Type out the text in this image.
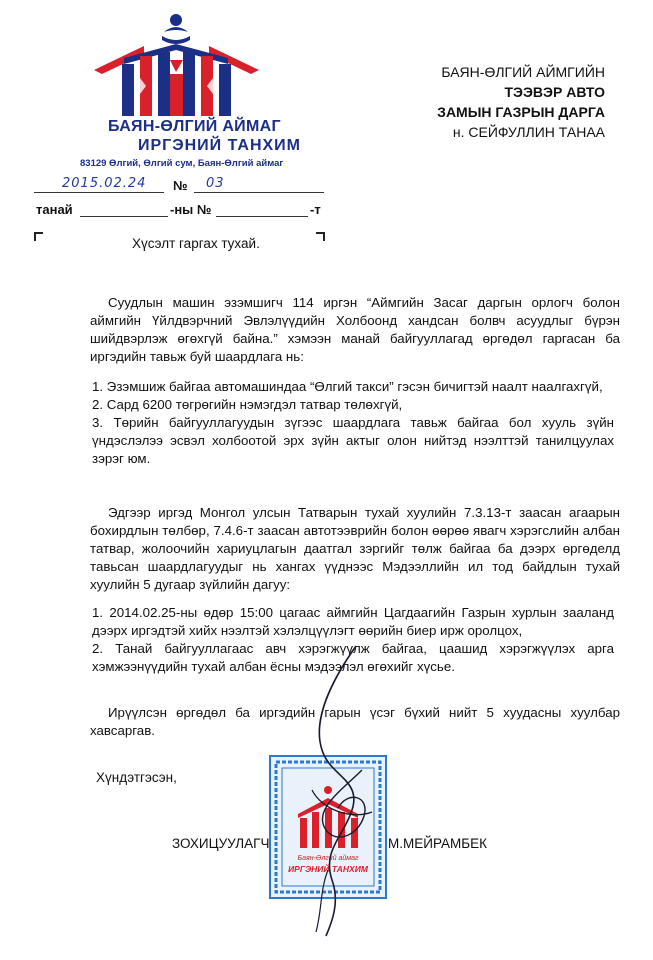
БАЯН-ӨЛГИЙ АЙМАГ
ИРГЭНИЙ ТАНХИМ
83129 Өлгий, Өлгий сум, Баян-Өлгий аймаг
2015.02.24 № 03
танай	-ны №	-т
БАЯН-ӨЛГИЙ АЙМГИЙН
ТЭЭВЭР АВТО
ЗАМЫН ГАЗРЫН ДАРГА
н. СЕЙФУЛЛИН ТАНАА
Хүсэлт гаргах тухай.

Суудлын машин эзэмшигч 114 иргэн “Аймгийн Засаг даргын орлогч болон аймгийн Үйлдвэрчний Эвлэлүүдийн Холбоонд хандсан болвч асуудлыг бүрэн шийдвэрлэж өгөхгүй байна.” хэмээн манай байгууллагад өргөдөл гаргасан ба иргэдийн тавьж буй шаардлага нь:

1. Эзэмшиж байгаа автомашиндаа “Өлгий такси” гэсэн бичигтэй наалт наалгахгүй,

2. Сард 6200 төгрөгийн нэмэгдэл татвар төлөхгүй,

3. Төрийн байгууллагуудын зүгээс шаардлага тавьж байгаа бол хууль зүйн үндэслэлээ эсвэл холбоотой эрх зүйн актыг олон нийтэд нээлттэй танилцуулах зэрэг юм.

Эдгээр иргэд Монгол улсын Татварын тухай хуулийн 7.3.13-т заасан агаарын бохирдлын төлбөр, 7.4.6-т заасан автотээврийн болон өөрөө явагч хэрэгслийн албан татвар, жолоочийн хариуцлагын даатгал зэргийг төлж байгаа ба дээрх өргөделд тавьсан шаардлагуудыг нь хангах үүднээс Мэдээллийн ил тод байдлын тухай хуулийн 5 дугаар зүйлийн дагуу:

1. 2014.02.25-ны өдөр 15:00 цагаас аймгийн Цагдаагийн Газрын хурлын зааланд дээрх иргэдтэй хийх нээлтэй хэлэлцүүлэгт өөрийн биер ирж оролцох,

2. Танай байгууллагаас авч хэрэгжүүлж байгаа, цаашид хэрэгжүүлэх арга хэмжээнүүдийн тухай албан ёсны мэдээлэл өгөхийг хүсье.

Ирүүлсэн өргөдөл ба иргэдийн гарын үсэг бүхий нийт 5 хуудасны хуулбар хавсаргав.

Хүндэтгэсэн,
Баян-Өлгий аймаг
ИРГЭНИЙ ТАНХИМ
ЗОХИЦУУЛАГЧ	М.МЕЙРАМБЕК
